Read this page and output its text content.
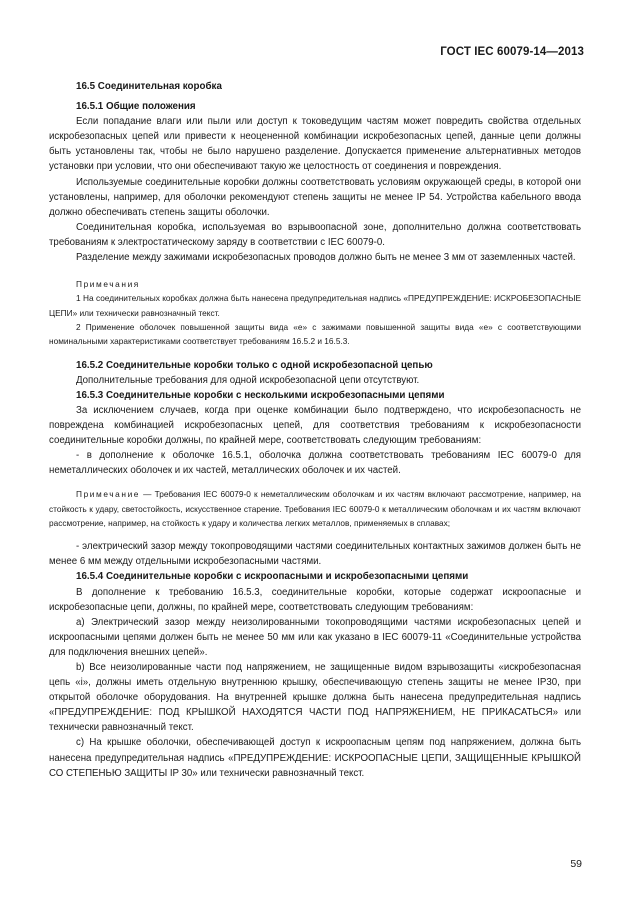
ГОСТ IEC 60079-14—2013

16.5 Соединительная коробка

16.5.1 Общие положения

Если попадание влаги или пыли или доступ к токоведущим частям может повредить свойства отдельных искробезопасных цепей или привести к неоцененной комбинации искробезопасных цепей, данные цепи должны быть установлены так, чтобы не было нарушено разделение. Допускается применение альтернативных методов установки при условии, что они обеспечивают такую же целостность от соединения и повреждения.

Используемые соединительные коробки должны соответствовать условиям окружающей среды, в которой они установлены, например, для оболочки рекомендуют степень защиты не менее IP 54. Устройства кабельного ввода должно обеспечивать степень защиты оболочки.

Соединительная коробка, используемая во взрывоопасной зоне, дополнительно должна соответствовать требованиям к электростатическому заряду в соответствии с IEC 60079-0.

Разделение между зажимами искробезопасных проводов должно быть не менее 3 мм от заземленных частей.

Примечания

1 На соединительных коробках должна быть нанесена предупредительная надпись «ПРЕДУПРЕЖДЕНИЕ: ИСКРОБЕЗОПАСНЫЕ ЦЕПИ» или технически равнозначный текст.

2 Применение оболочек повышенной защиты вида «е» с зажимами повышенной защиты вида «е» с соответствующими номинальными характеристиками соответствует требованиям 16.5.2 и 16.5.3.

16.5.2 Соединительные коробки только с одной искробезопасной цепью

Дополнительные требования для одной искробезопасной цепи отсутствуют.

16.5.3 Соединительные коробки с несколькими искробезопасными цепями

За исключением случаев, когда при оценке комбинации было подтверждено, что искробезопасность не повреждена комбинацией искробезопасных цепей, для соответствия требованиям к искробезопасности соединительные коробки должны, по крайней мере, соответствовать следующим требованиям:

- в дополнение к оболочке 16.5.1, оболочка должна соответствовать требованиям IEC 60079-0 для неметаллических оболочек и их частей, металлических оболочек и их частей.

Примечание — Требования IEC 60079-0 к неметаллическим оболочкам и их частям включают рассмотрение, например, на стойкость к удару, светостойкость, искусственное старение. Требования IEC 60079-0 к металлическим оболочкам и их частям включают рассмотрение, например, на стойкость к удару и количества легких металлов, применяемых в сплавах;

- электрический зазор между токопроводящими частями соединительных контактных зажимов должен быть не менее 6 мм между отдельными искробезопасными частями.

16.5.4 Соединительные коробки с искроопасными и искробезопасными цепями

В дополнение к требованию 16.5.3, соединительные коробки, которые содержат искроопасные и искробезопасные цепи, должны, по крайней мере, соответствовать следующим требованиям:

а) Электрический зазор между неизолированными токопроводящими частями искробезопасных цепей и искроопасными цепями должен быть не менее 50 мм или как указано в IEC 60079-11 «Соединительные устройства для подключения внешних цепей».

b) Все неизолированные части под напряжением, не защищенные видом взрывозащиты «искробезопасная цепь «i», должны иметь отдельную внутреннюю крышку, обеспечивающую степень защиты не менее IP30, при открытой оболочке оборудования. На внутренней крышке должна быть нанесена предупредительная надпись «ПРЕДУПРЕЖДЕНИЕ: ПОД КРЫШКОЙ НАХОДЯТСЯ ЧАСТИ ПОД НАПРЯЖЕНИЕМ, НЕ ПРИКАСАТЬСЯ» или технически равнозначный текст.

с) На крышке оболочки, обеспечивающей доступ к искроопасным цепям под напряжением, должна быть нанесена предупредительная надпись «ПРЕДУПРЕЖДЕНИЕ: ИСКРООПАСНЫЕ ЦЕПИ, ЗАЩИЩЕННЫЕ КРЫШКОЙ СО СТЕПЕНЬЮ ЗАЩИТЫ IP 30» или технически равнозначный текст.

59
